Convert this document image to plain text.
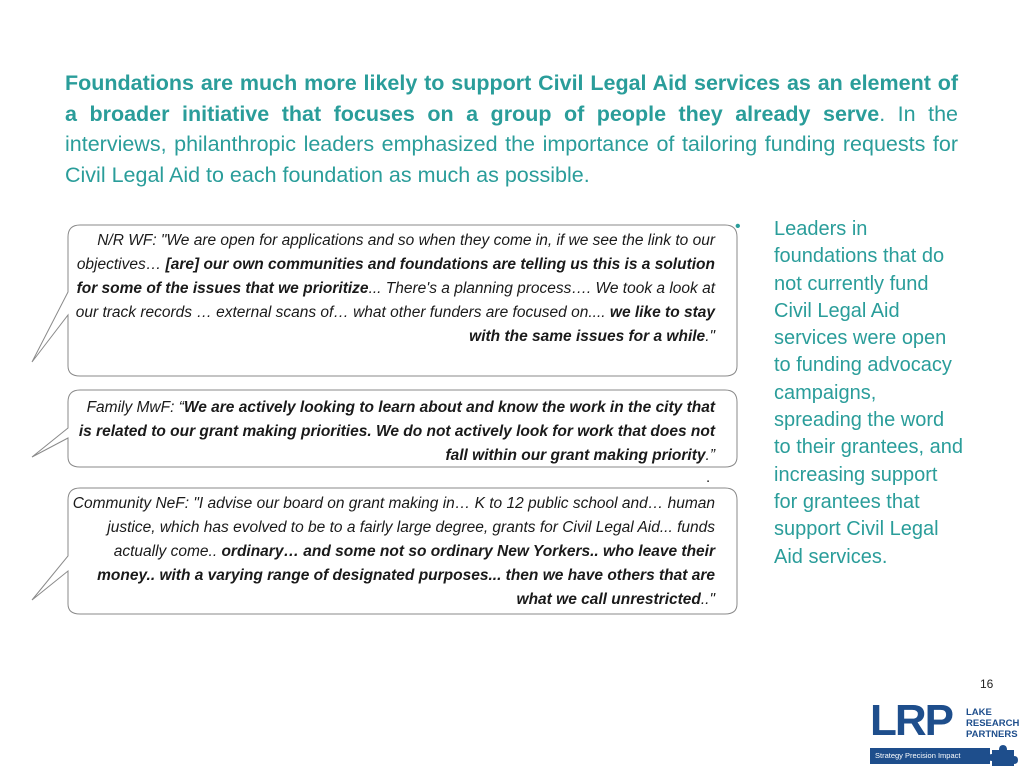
Foundations are much more likely to support Civil Legal Aid services as an element of a broader initiative that focuses on a group of people they already serve. In the interviews, philanthropic leaders emphasized the importance of tailoring funding requests for Civil Legal Aid to each foundation as much as possible.
N/R WF: "We are open for applications and so when they come in, if we see the link to our objectives… [are] our own communities and foundations are telling us this is a solution for some of the issues that we prioritize... There's a planning process…. We took a look at our track records … external scans of… what other funders are focused on.... we like to stay with the same issues for a while."
Family MwF: “We are actively looking to learn about and know the work in the city that is related to our grant making priorities. We do not actively look for work that does not fall within our grant making priority.”
.
Community NeF: "I advise our board on grant making in… K to 12 public school and… human justice, which has evolved to be to a fairly large degree, grants for Civil Legal Aid... funds actually come.. ordinary… and some not so ordinary New Yorkers.. who leave their money.. with a varying range of designated purposes... then we have others that are what we call unrestricted.."
• Leaders in foundations that do not currently fund Civil Legal Aid services were open to funding advocacy campaigns, spreading the word to their grantees, and increasing support for grantees that support Civil Legal Aid services.
16
LRP LAKE
RESEARCH
PARTNERS
Strategy Precision Impact
